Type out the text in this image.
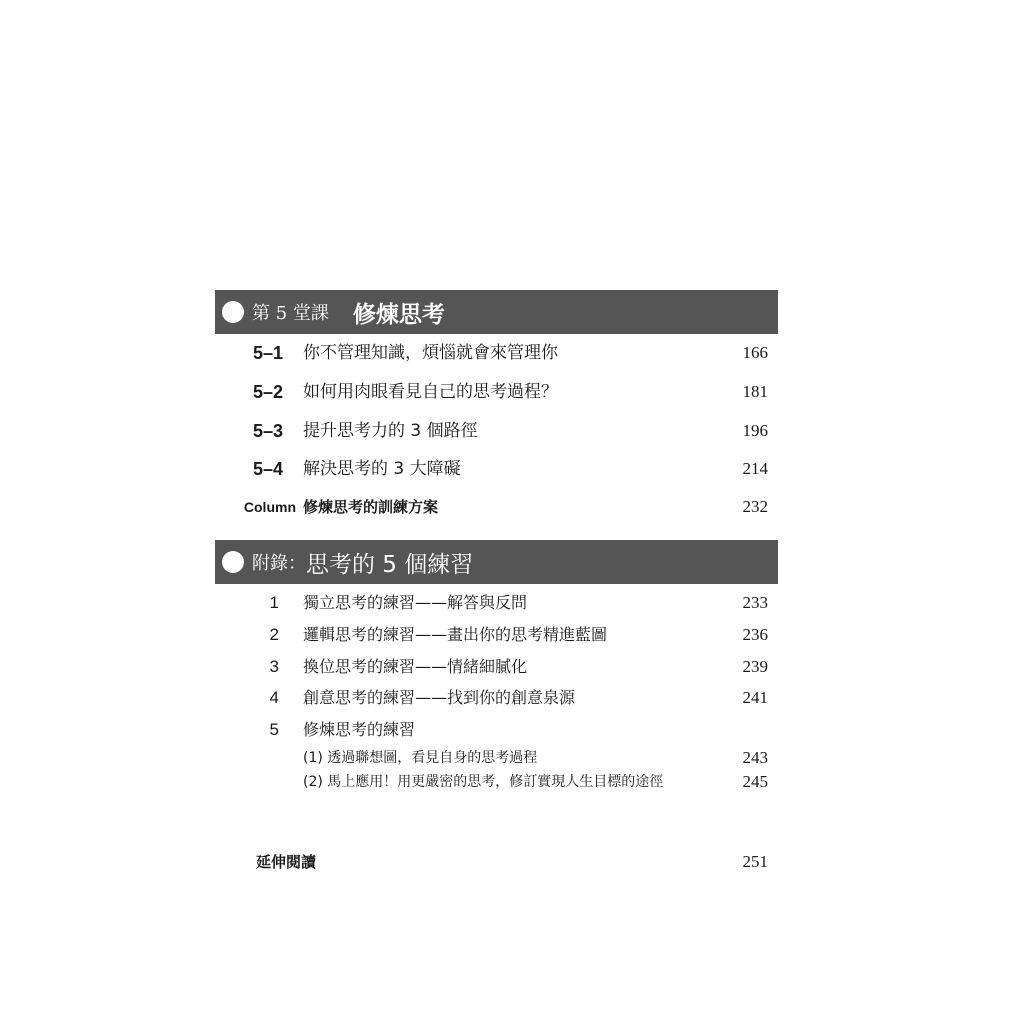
第 5 堂課 修煉思考
5–1 你不管理知識，煩惱就會來管理你	166
5–2 如何用肉眼看見自己的思考過程？	181
5–3 提升思考力的 3 個路徑	196
5–4 解決思考的 3 大障礙	214
Column 修煉思考的訓練方案	232
附錄： 思考的 5 個練習
1 獨立思考的練習——解答與反問	233
2 邏輯思考的練習——畫出你的思考精進藍圖	236
3 換位思考的練習——情緒細膩化	239
4 創意思考的練習——找到你的創意泉源	241
5 修煉思考的練習
(1) 透過聯想圖，看見自身的思考過程	243
(2) 馬上應用！用更嚴密的思考，修訂實現人生目標的途徑	245
延伸閱讀	251
